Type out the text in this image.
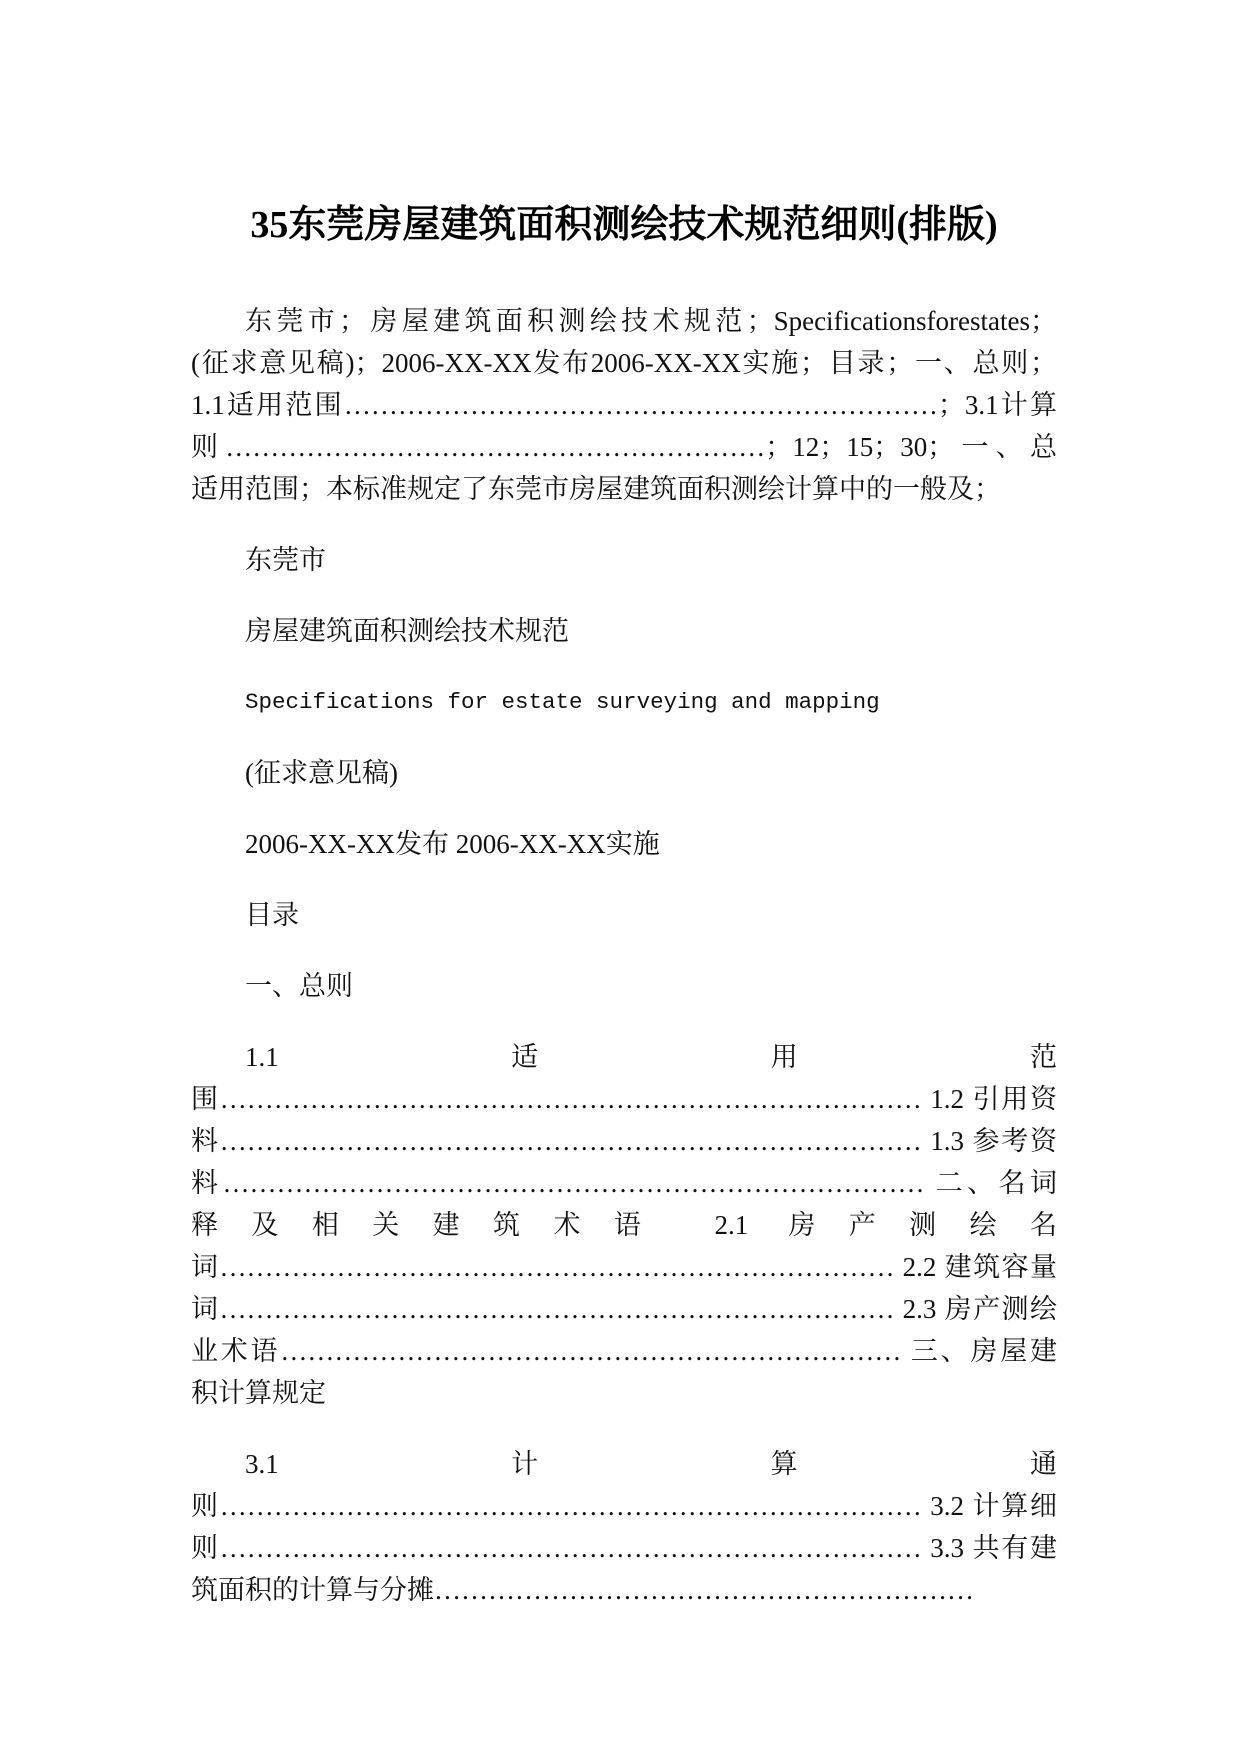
35东莞房屋建筑面积测绘技术规范细则(排版)
东莞市；房屋建筑面积测绘技术规范；Specificationsforestates；
(征求意见稿)；2006-XX-XX发布2006-XX-XX实施；目录；一、总则；
1.1适用范围…………………………………………………………；3.1计算
则……………………………………………………；12；15；30；一、总
适用范围；本标准规定了东莞市房屋建筑面积测绘计算中的一般及；
东莞市
房屋建筑面积测绘技术规范
Specifications for estate surveying and mapping
(征求意见稿)
2006-XX-XX发布 2006-XX-XX实施
目录
一、总则
1.1适用范
围…………………………………………………………………… 1.2 引用资
料…………………………………………………………………… 1.3 参考资
料…………………………………………………………………… 二、名词
释及相关建筑术语 2.1 房产测绘名
词………………………………………………………………… 2.2 建筑容量
词………………………………………………………………… 2.3 房产测绘
业术语…………………………………………………………… 三、房屋建
积计算规定
3.1计算通
则…………………………………………………………………… 3.2 计算细
则…………………………………………………………………… 3.3 共有建
筑面积的计算与分摊……………………………………………………
